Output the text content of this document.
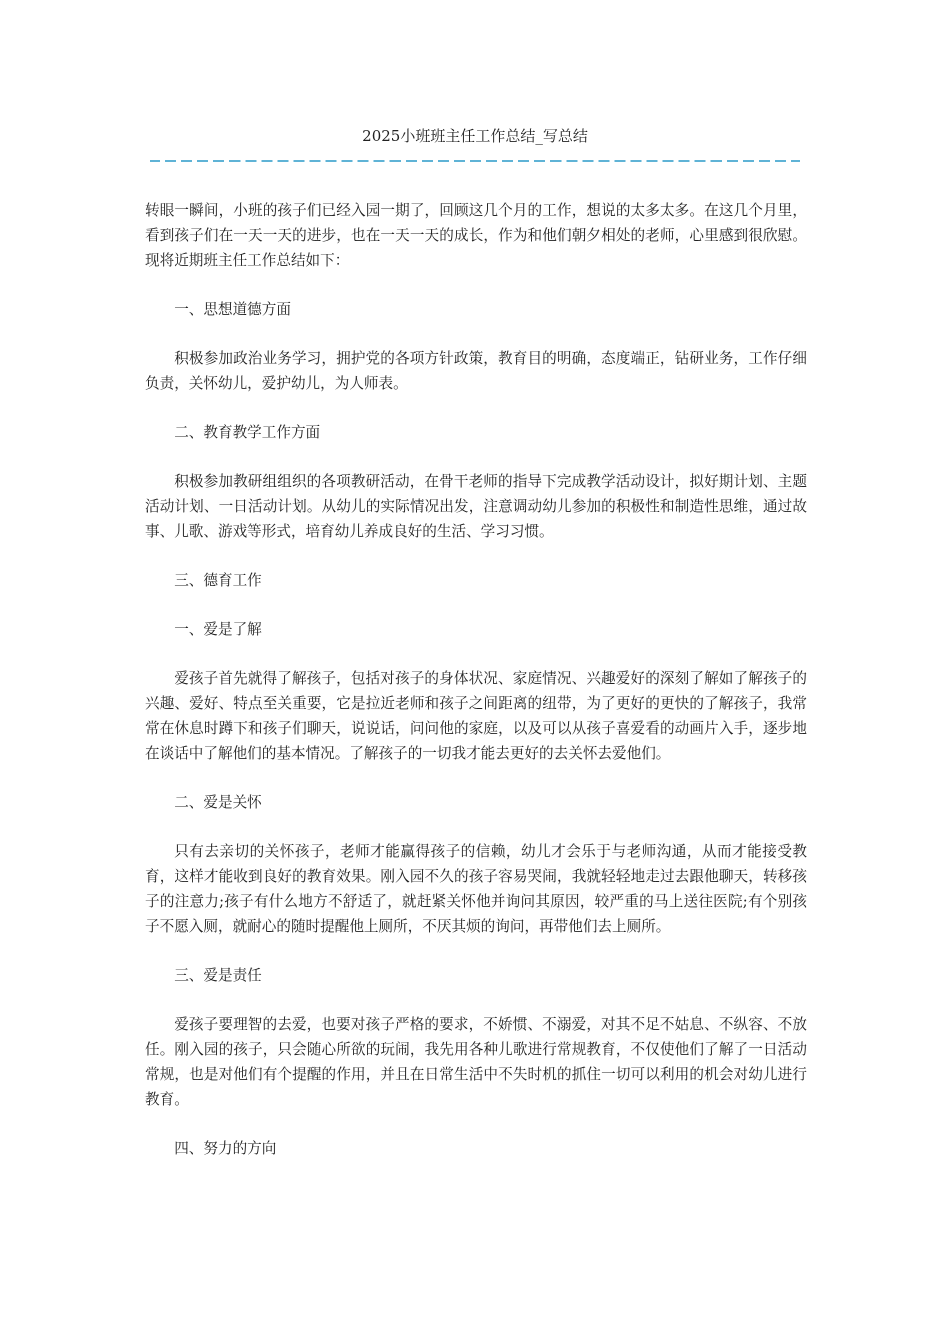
2025小班班主任工作总结_写总结

转眼一瞬间，小班的孩子们已经入园一期了，回顾这几个月的工作，想说的太多太多。在这几个月里，看到孩子们在一天一天的进步，也在一天一天的成长，作为和他们朝夕相处的老师，心里感到很欣慰。现将近期班主任工作总结如下：

一、思想道德方面

积极参加政治业务学习，拥护党的各项方针政策，教育目的明确，态度端正，钻研业务，工作仔细负责，关怀幼儿，爱护幼儿，为人师表。

二、教育教学工作方面

积极参加教研组组织的各项教研活动，在骨干老师的指导下完成教学活动设计，拟好期计划、主题活动计划、一日活动计划。从幼儿的实际情况出发，注意调动幼儿参加的积极性和制造性思维，通过故事、儿歌、游戏等形式，培育幼儿养成良好的生活、学习习惯。

三、德育工作

一、爱是了解

爱孩子首先就得了解孩子，包括对孩子的身体状况、家庭情况、兴趣爱好的深刻了解如了解孩子的兴趣、爱好、特点至关重要，它是拉近老师和孩子之间距离的纽带，为了更好的更快的了解孩子，我常常在休息时蹲下和孩子们聊天，说说话，问问他的家庭，以及可以从孩子喜爱看的动画片入手，逐步地在谈话中了解他们的基本情况。了解孩子的一切我才能去更好的去关怀去爱他们。

二、爱是关怀

只有去亲切的关怀孩子，老师才能赢得孩子的信赖，幼儿才会乐于与老师沟通，从而才能接受教育，这样才能收到良好的教育效果。刚入园不久的孩子容易哭闹，我就轻轻地走过去跟他聊天，转移孩子的注意力;孩子有什么地方不舒适了，就赶紧关怀他并询问其原因，较严重的马上送往医院;有个别孩子不愿入厕，就耐心的随时提醒他上厕所，不厌其烦的询问，再带他们去上厕所。

三、爱是责任

爱孩子要理智的去爱，也要对孩子严格的要求，不娇惯、不溺爱，对其不足不姑息、不纵容、不放任。刚入园的孩子，只会随心所欲的玩闹，我先用各种儿歌进行常规教育，不仅使他们了解了一日活动常规，也是对他们有个提醒的作用，并且在日常生活中不失时机的抓住一切可以利用的机会对幼儿进行教育。

四、努力的方向
